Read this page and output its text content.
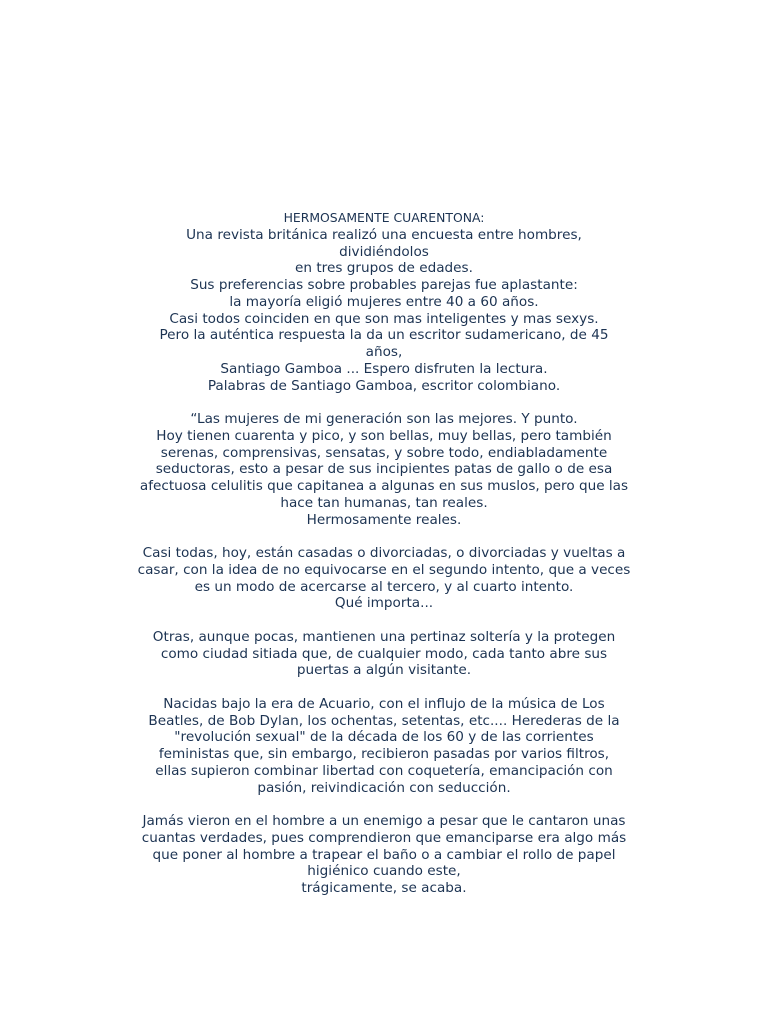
HERMOSAMENTE CUARENTONA:
Una revista británica realizó una encuesta entre hombres,
dividiéndolos
en tres grupos de edades.
Sus preferencias sobre probables parejas fue aplastante:
la mayoría eligió mujeres entre 40 a 60 años.
Casi todos coinciden en que son mas inteligentes y mas sexys.
Pero la auténtica respuesta la da un escritor sudamericano, de 45
años,
Santiago Gamboa ... Espero disfruten la lectura.
Palabras de Santiago Gamboa, escritor colombiano.
“Las mujeres de mi generación son las mejores. Y punto.
Hoy tienen cuarenta y pico, y son bellas, muy bellas, pero también
serenas, comprensivas, sensatas, y sobre todo, endiabladamente
seductoras, esto a pesar de sus incipientes patas de gallo o de esa
afectuosa celulitis que capitanea a algunas en sus muslos, pero que las
hace tan humanas, tan reales.
Hermosamente reales.
Casi todas, hoy, están casadas o divorciadas, o divorciadas y vueltas a
casar, con la idea de no equivocarse en el segundo intento, que a veces
es un modo de acercarse al tercero, y al cuarto intento.
Qué importa...
Otras, aunque pocas, mantienen una pertinaz soltería y la protegen
como ciudad sitiada que, de cualquier modo, cada tanto abre sus
puertas a algún visitante.
Nacidas bajo la era de Acuario, con el influjo de la música de Los
Beatles, de Bob Dylan, los ochentas, setentas, etc.... Herederas de la
"revolución sexual" de la década de los 60 y de las corrientes
feministas que, sin embargo, recibieron pasadas por varios filtros,
ellas supieron combinar libertad con coquetería, emancipación con
pasión, reivindicación con seducción.
Jamás vieron en el hombre a un enemigo a pesar que le cantaron unas
cuantas verdades, pues comprendieron que emanciparse era algo más
que poner al hombre a trapear el baño o a cambiar el rollo de papel
higiénico cuando este,
trágicamente, se acaba.
